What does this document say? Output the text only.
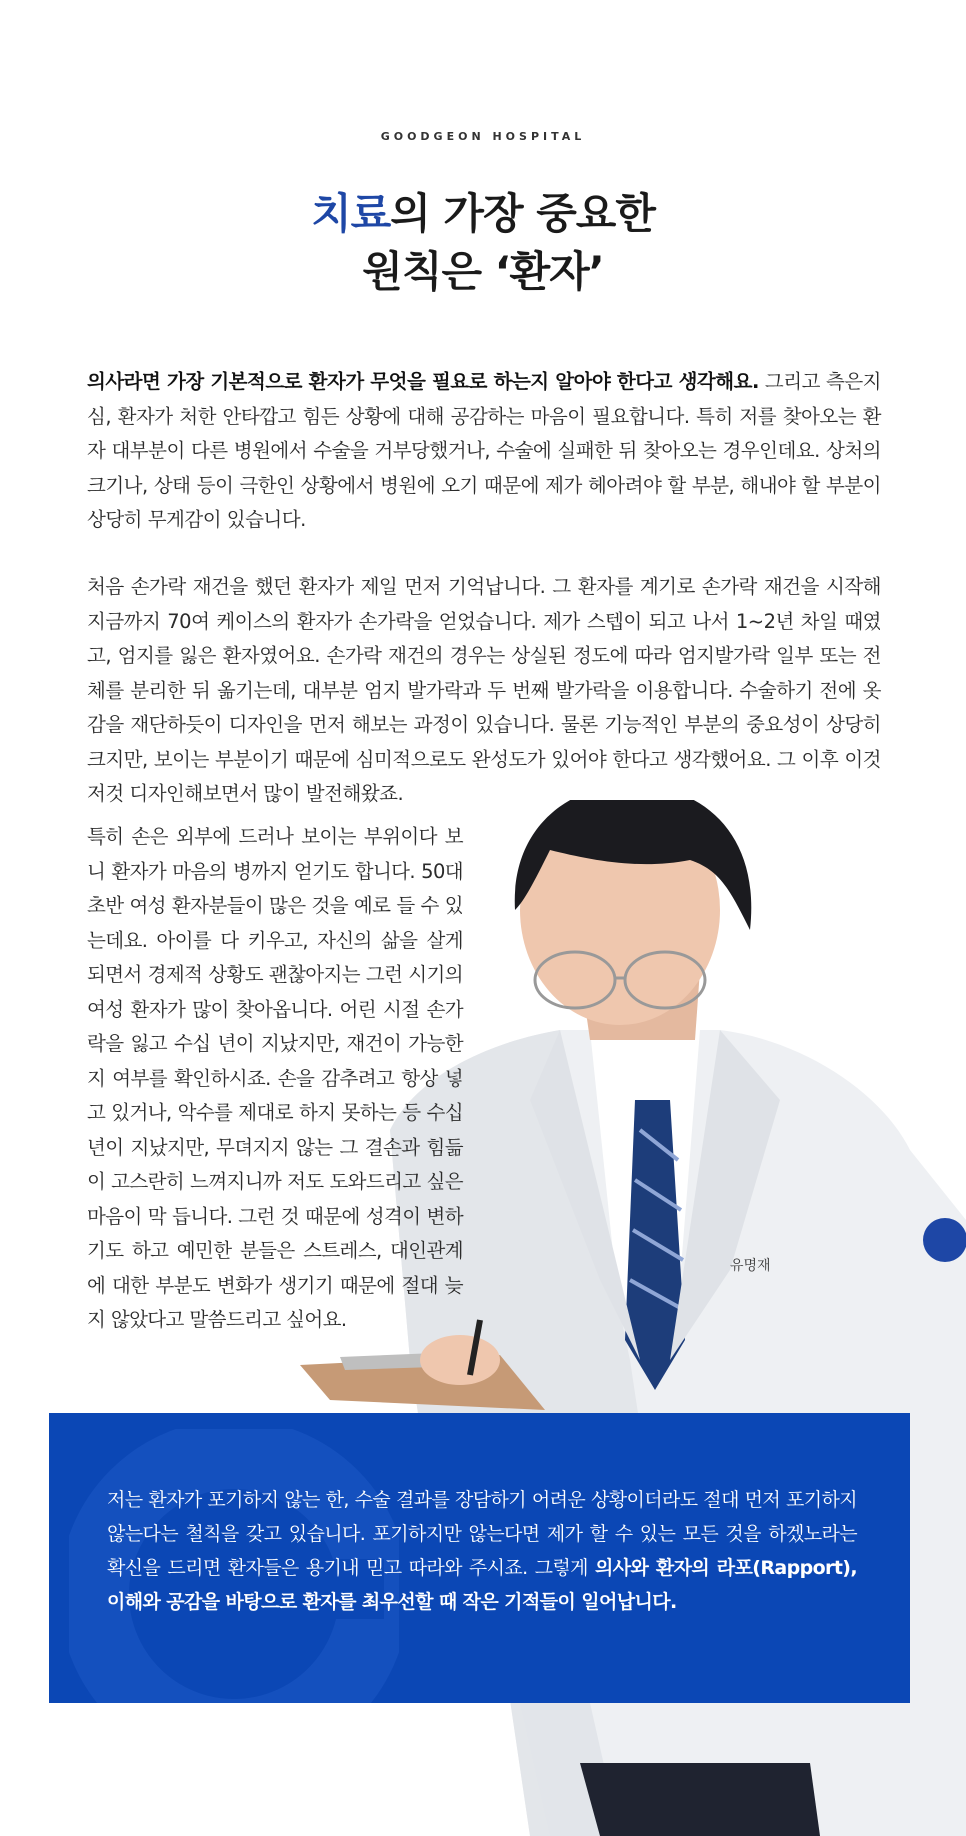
GOODGEON HOSPITAL
치료의 가장 중요한
원칙은 ‘환자’
의사라면 가장 기본적으로 환자가 무엇을 필요로 하는지 알아야 한다고 생각해요. 그리고 측은지심, 환자가 처한 안타깝고 힘든 상황에 대해 공감하는 마음이 필요합니다. 특히 저를 찾아오는 환자 대부분이 다른 병원에서 수술을 거부당했거나, 수술에 실패한 뒤 찾아오는 경우인데요. 상처의 크기나, 상태 등이 극한인 상황에서 병원에 오기 때문에 제가 헤아려야 할 부분, 해내야 할 부분이 상당히 무게감이 있습니다.
처음 손가락 재건을 했던 환자가 제일 먼저 기억납니다. 그 환자를 계기로 손가락 재건을 시작해 지금까지 70여 케이스의 환자가 손가락을 얻었습니다. 제가 스텝이 되고 나서 1~2년 차일 때였고, 엄지를 잃은 환자였어요. 손가락 재건의 경우는 상실된 정도에 따라 엄지발가락 일부 또는 전체를 분리한 뒤 옮기는데, 대부분 엄지 발가락과 두 번째 발가락을 이용합니다. 수술하기 전에 옷감을 재단하듯이 디자인을 먼저 해보는 과정이 있습니다. 물론 기능적인 부분의 중요성이 상당히 크지만, 보이는 부분이기 때문에 심미적으로도 완성도가 있어야 한다고 생각했어요. 그 이후 이것저것 디자인해보면서 많이 발전해왔죠.
유명재
특히 손은 외부에 드러나 보이는 부위이다 보니 환자가 마음의 병까지 얻기도 합니다. 50대 초반 여성 환자분들이 많은 것을 예로 들 수 있는데요. 아이를 다 키우고, 자신의 삶을 살게 되면서 경제적 상황도 괜찮아지는 그런 시기의 여성 환자가 많이 찾아옵니다. 어린 시절 손가락을 잃고 수십 년이 지났지만, 재건이 가능한 지 여부를 확인하시죠. 손을 감추려고 항상 넣고 있거나, 악수를 제대로 하지 못하는 등 수십 년이 지났지만, 무뎌지지 않는 그 결손과 힘듦이 고스란히 느껴지니까 저도 도와드리고 싶은 마음이 막 듭니다. 그런 것 때문에 성격이 변하기도 하고 예민한 분들은 스트레스, 대인관계에 대한 부분도 변화가 생기기 때문에 절대 늦지 않았다고 말씀드리고 싶어요.
저는 환자가 포기하지 않는 한, 수술 결과를 장담하기 어려운 상황이더라도 절대 먼저 포기하지 않는다는 철칙을 갖고 있습니다. 포기하지만 않는다면 제가 할 수 있는 모든 것을 하겠노라는 확신을 드리면 환자들은 용기내 믿고 따라와 주시죠. 그렇게 의사와 환자의 라포(Rapport), 이해와 공감을 바탕으로 환자를 최우선할 때 작은 기적들이 일어납니다.
